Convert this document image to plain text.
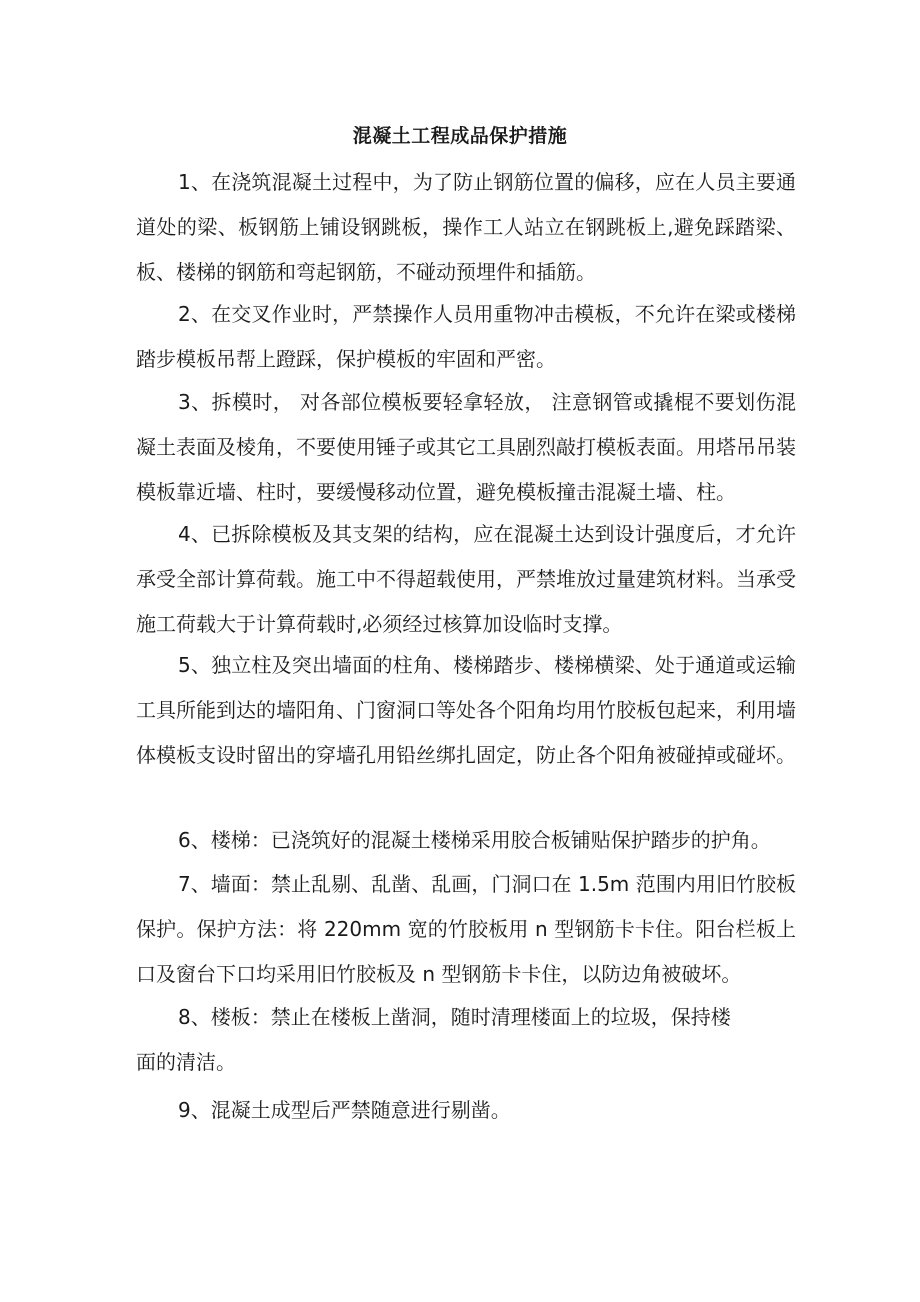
混凝土工程成品保护措施
1、在浇筑混凝土过程中，为了防止钢筋位置的偏移，应在人员主要通道处的梁、板钢筋上铺设钢跳板，操作工人站立在钢跳板上,避免踩踏梁、板、楼梯的钢筋和弯起钢筋，不碰动预埋件和插筋。
2、在交叉作业时，严禁操作人员用重物冲击模板，不允许在梁或楼梯踏步模板吊帮上蹬踩，保护模板的牢固和严密。
3、拆模时， 对各部位模板要轻拿轻放， 注意钢管或撬棍不要划伤混凝土表面及棱角，不要使用锤子或其它工具剧烈敲打模板表面。用塔吊吊装模板靠近墙、柱时，要缓慢移动位置，避免模板撞击混凝土墙、柱。
4、已拆除模板及其支架的结构，应在混凝土达到设计强度后，才允许承受全部计算荷载。施工中不得超载使用，严禁堆放过量建筑材料。当承受施工荷载大于计算荷载时,必须经过核算加设临时支撑。
5、独立柱及突出墙面的柱角、楼梯踏步、楼梯横梁、处于通道或运输工具所能到达的墙阳角、门窗洞口等处各个阳角均用竹胶板包起来，利用墙体模板支设时留出的穿墙孔用铅丝绑扎固定，防止各个阳角被碰掉或碰坏。
6、楼梯：已浇筑好的混凝土楼梯采用胶合板铺贴保护踏步的护角。
7、墙面：禁止乱剔、乱凿、乱画，门洞口在 1.5m 范围内用旧竹胶板保护。保护方法：将 220mm 宽的竹胶板用 n 型钢筋卡卡住。阳台栏板上口及窗台下口均采用旧竹胶板及 n 型钢筋卡卡住，以防边角被破坏。
8、楼板：禁止在楼板上凿洞，随时清理楼面上的垃圾，保持楼
面的清洁。
9、混凝土成型后严禁随意进行剔凿。
